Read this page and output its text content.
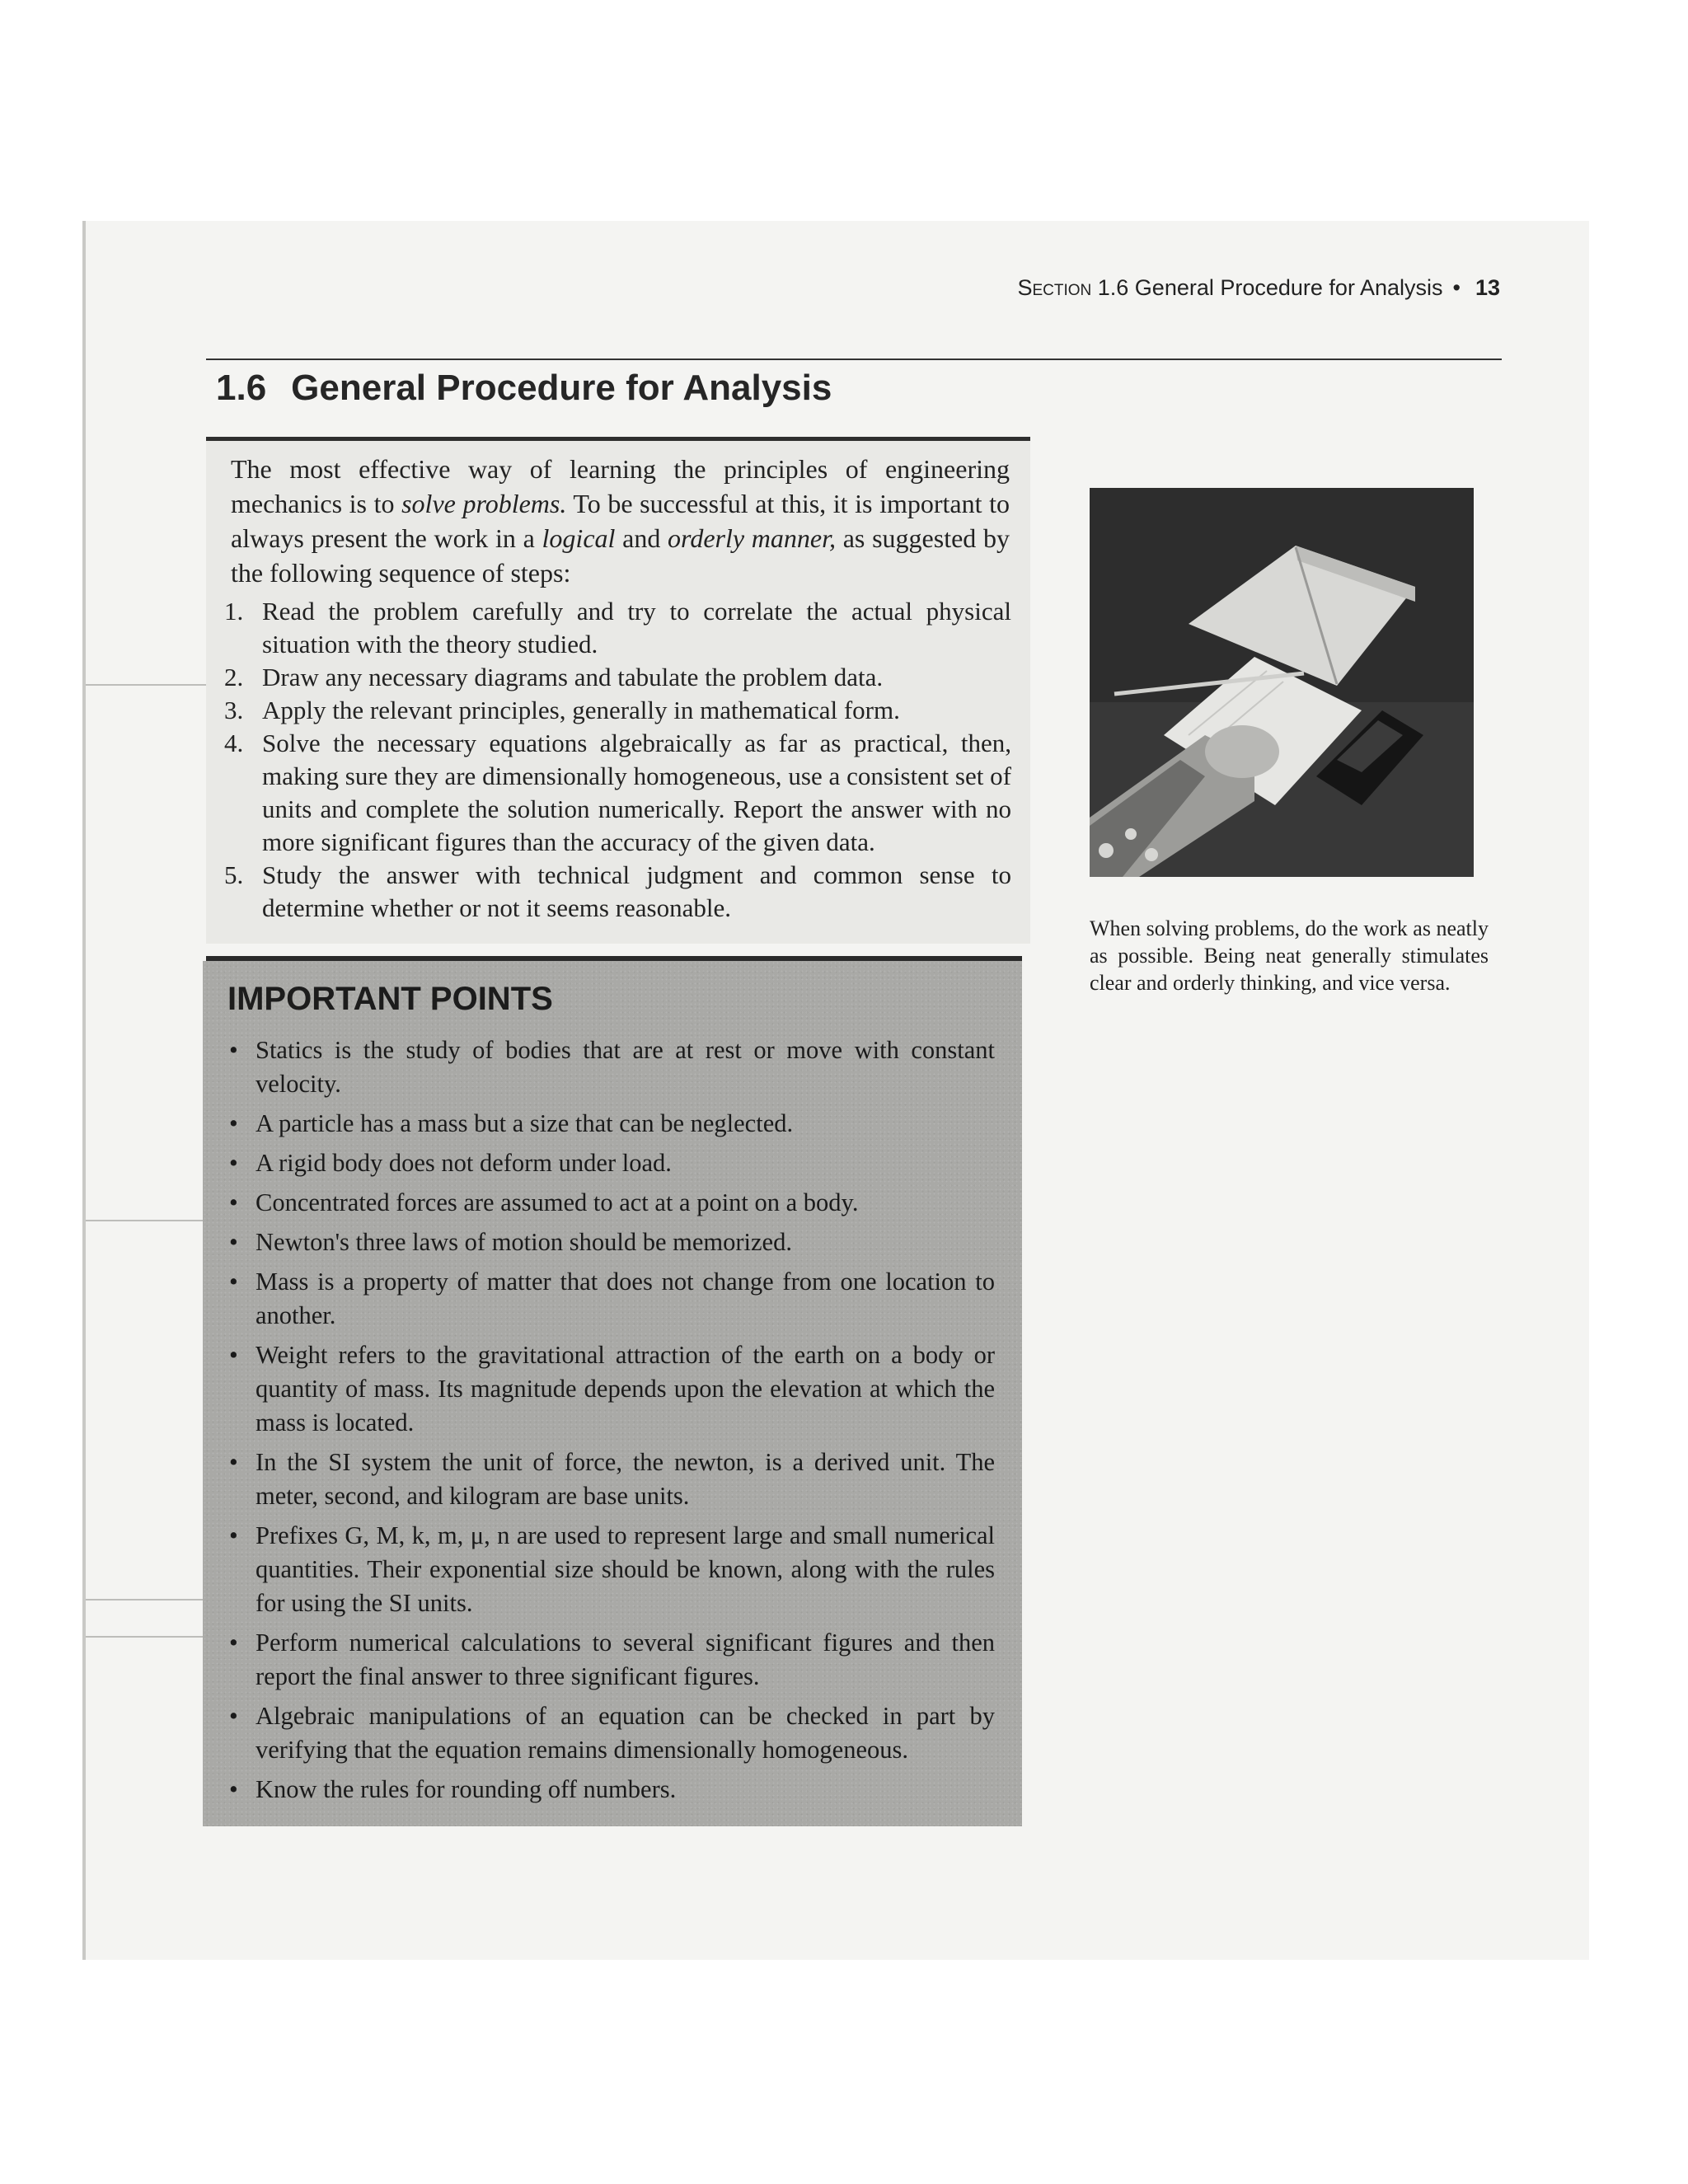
Section 1.6 General Procedure for Analysis • 13
1.6 General Procedure for Analysis

The most effective way of learning the principles of engineering mechanics is to solve problems. To be successful at this, it is important to always present the work in a logical and orderly manner, as suggested by the following sequence of steps:

1. Read the problem carefully and try to correlate the actual physical situation with the theory studied.
2. Draw any necessary diagrams and tabulate the problem data.
3. Apply the relevant principles, generally in mathematical form.
4. Solve the necessary equations algebraically as far as practical, then, making sure they are dimensionally homogeneous, use a consistent set of units and complete the solution numerically. Report the answer with no more significant figures than the accuracy of the given data.
5. Study the answer with technical judgment and common sense to determine whether or not it seems reasonable.

When solving problems, do the work as neatly as possible. Being neat generally stimulates clear and orderly thinking, and vice versa.

IMPORTANT POINTS
• Statics is the study of bodies that are at rest or move with constant velocity.
• A particle has a mass but a size that can be neglected.
• A rigid body does not deform under load.
• Concentrated forces are assumed to act at a point on a body.
• Newton's three laws of motion should be memorized.
• Mass is a property of matter that does not change from one location to another.
• Weight refers to the gravitational attraction of the earth on a body or quantity of mass. Its magnitude depends upon the elevation at which the mass is located.
• In the SI system the unit of force, the newton, is a derived unit. The meter, second, and kilogram are base units.
• Prefixes G, M, k, m, μ, n are used to represent large and small numerical quantities. Their exponential size should be known, along with the rules for using the SI units.
• Perform numerical calculations to several significant figures and then report the final answer to three significant figures.
• Algebraic manipulations of an equation can be checked in part by verifying that the equation remains dimensionally homogeneous.
• Know the rules for rounding off numbers.
